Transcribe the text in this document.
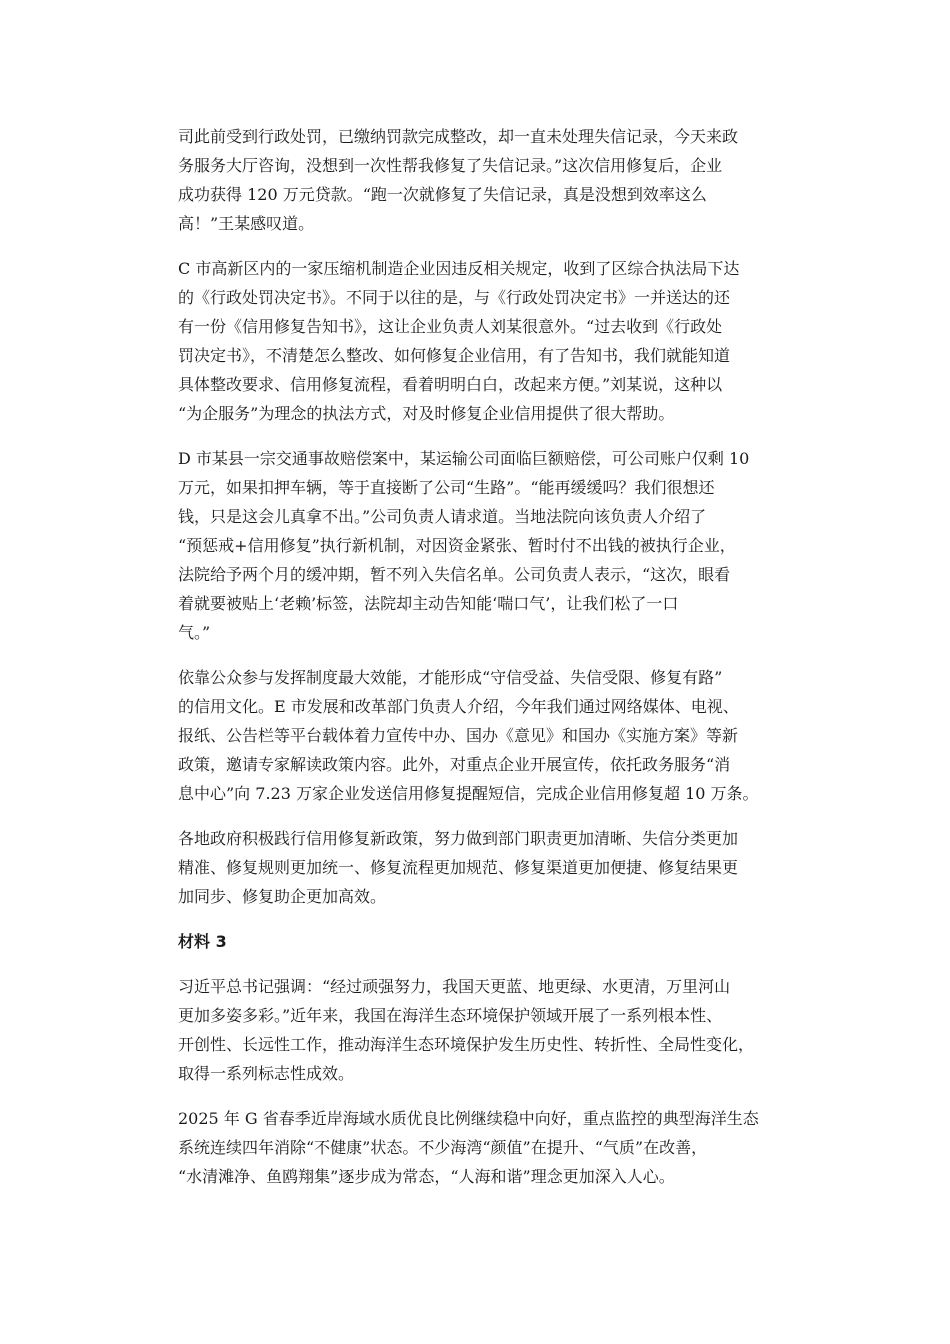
司此前受到行政处罚，已缴纳罚款完成整改，却一直未处理失信记录，今天来政
务服务大厅咨询，没想到一次性帮我修复了失信记录。”这次信用修复后，企业
成功获得 120 万元贷款。“跑一次就修复了失信记录，真是没想到效率这么
高！”王某感叹道。

C 市高新区内的一家压缩机制造企业因违反相关规定，收到了区综合执法局下达
的《行政处罚决定书》。不同于以往的是，与《行政处罚决定书》一并送达的还
有一份《信用修复告知书》，这让企业负责人刘某很意外。“过去收到《行政处
罚决定书》，不清楚怎么整改、如何修复企业信用，有了告知书，我们就能知道
具体整改要求、信用修复流程，看着明明白白，改起来方便。”刘某说，这种以
“为企服务”为理念的执法方式，对及时修复企业信用提供了很大帮助。

D 市某县一宗交通事故赔偿案中，某运输公司面临巨额赔偿，可公司账户仅剩 10
万元，如果扣押车辆，等于直接断了公司“生路”。“能再缓缓吗？我们很想还
钱，只是这会儿真拿不出。”公司负责人请求道。当地法院向该负责人介绍了
“预惩戒+信用修复”执行新机制，对因资金紧张、暂时付不出钱的被执行企业，
法院给予两个月的缓冲期，暂不列入失信名单。公司负责人表示，“这次，眼看
着就要被贴上‘老赖’标签，法院却主动告知能‘喘口气’，让我们松了一口
气。”

依靠公众参与发挥制度最大效能，才能形成“守信受益、失信受限、修复有路”
的信用文化。E 市发展和改革部门负责人介绍，今年我们通过网络媒体、电视、
报纸、公告栏等平台载体着力宣传中办、国办《意见》和国办《实施方案》等新
政策，邀请专家解读政策内容。此外，对重点企业开展宣传，依托政务服务“消
息中心”向 7.23 万家企业发送信用修复提醒短信，完成企业信用修复超 10 万条。

各地政府积极践行信用修复新政策，努力做到部门职责更加清晰、失信分类更加
精准、修复规则更加统一、修复流程更加规范、修复渠道更加便捷、修复结果更
加同步、修复助企更加高效。

材料 3

习近平总书记强调：“经过顽强努力，我国天更蓝、地更绿、水更清，万里河山
更加多姿多彩。”近年来，我国在海洋生态环境保护领域开展了一系列根本性、
开创性、长远性工作，推动海洋生态环境保护发生历史性、转折性、全局性变化，
取得一系列标志性成效。

2025 年 G 省春季近岸海域水质优良比例继续稳中向好，重点监控的典型海洋生态
系统连续四年消除“不健康”状态。不少海湾“颜值”在提升、“气质”在改善，
“水清滩净、鱼鸥翔集”逐步成为常态，“人海和谐”理念更加深入人心。
